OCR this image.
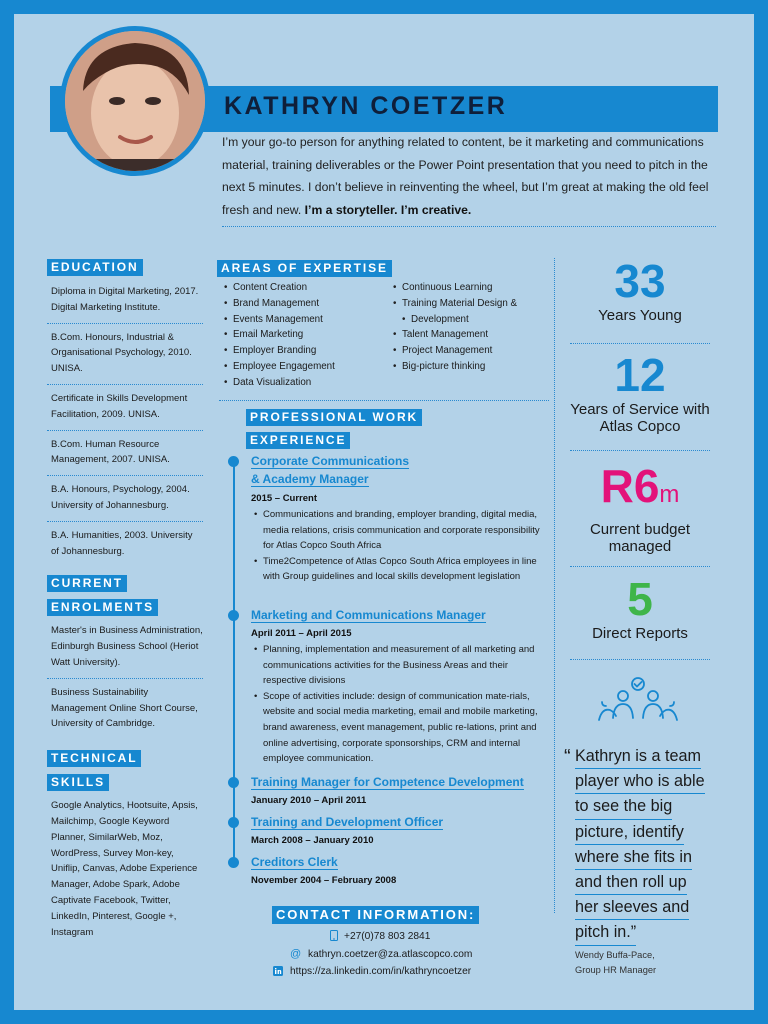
KATHRYN COETZER
I’m your go-to person for anything related to content, be it marketing and communications material, training deliverables or the Power Point presentation that you need to pitch in the next 5 minutes. I don’t believe in reinventing the wheel, but I’m great at making the old feel fresh and new. I’m a storyteller. I’m creative.
EDUCATION
Diploma in Digital Marketing, 2017. Digital Marketing Institute.
B.Com. Honours, Industrial & Organisational Psychology, 2010. UNISA.
Certificate in Skills Development Facilitation, 2009. UNISA.
B.Com. Human Resource Management, 2007. UNISA.
B.A. Honours, Psychology, 2004. University of Johannesburg.
B.A. Humanities, 2003. University of Johannesburg.
CURRENT
ENROLMENTS
Master's in Business Administration, Edinburgh Business School (Heriot Watt University).
Business Sustainability Management Online Short Course, University of Cambridge.
TECHNICAL
SKILLS
Google Analytics, Hootsuite, Apsis, Mailchimp, Google Keyword Planner, SimilarWeb, Moz, WordPress, Survey Mon-key, Uniflip, Canvas, Adobe Experience Manager, Adobe Spark, Adobe Captivate Facebook, Twitter, LinkedIn, Pinterest, Google +, Instagram
AREAS OF EXPERTISE
• Content Creation
• Brand Management
• Events Management
• Email Marketing
• Employer Branding
• Employee Engagement
• Data Visualization
• Continuous Learning
• Training Material Design &
• Development
• Talent Management
• Project Management
• Big-picture thinking
PROFESSIONAL WORK
EXPERIENCE
Corporate Communications
& Academy Manager
2015 – Current
• Communications and branding, employer branding, digital media, media relations, crisis communication and corporate responsibility for Atlas Copco South Africa
• Time2Competence of Atlas Copco South Africa employees in line with Group guidelines and local skills development legislation
Marketing and Communications Manager
April 2011 – April 2015
• Planning, implementation and measurement of all marketing and communications activities for the Business Areas and their respective divisions
• Scope of activities include: design of communication mate-rials, website and social media marketing, email and mobile marketing, brand awareness, event management, public re-lations, print and online advertising, corporate sponsorships, CRM and internal employee communication.
Training Manager for Competence Development
January 2010 – April 2011
Training and Development Officer
March 2008 – January 2010
Creditors Clerk
November 2004 – February 2008
CONTACT INFORMATION:
+27(0)78 803 2841
@ kathryn.coetzer@za.atlascopco.com
https://za.linkedin.com/in/kathryncoetzer
33
Years Young
12
Years of Service with Atlas Copco
R6m
Current budget managed
5
Direct Reports
“ Kathryn is a team
player who is able
to see the big
picture, identify
where she fits in
and then roll up
her sleeves and
pitch in.”
Wendy Buffa-Pace,
Group HR Manager
